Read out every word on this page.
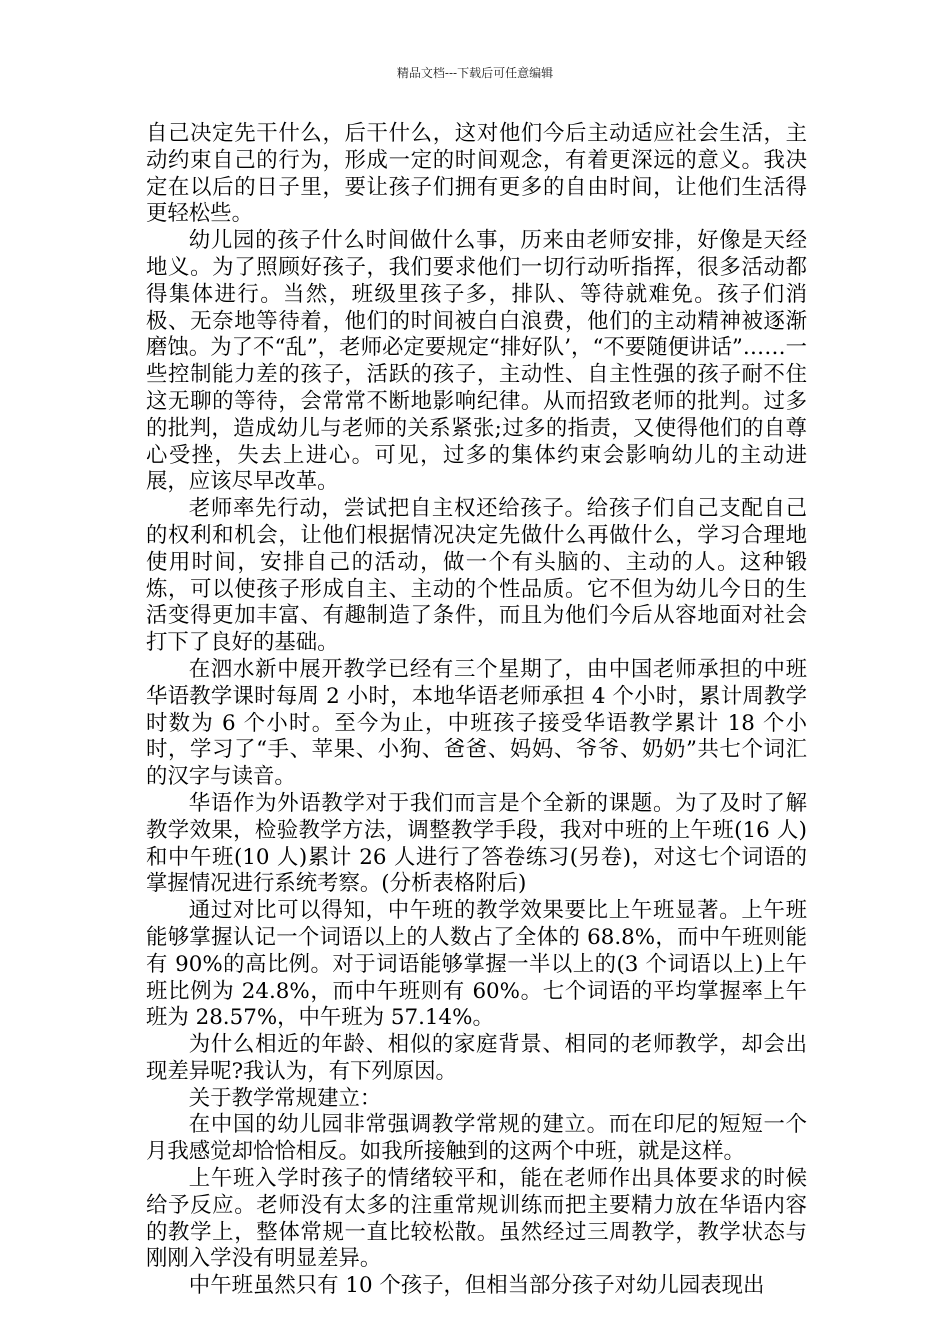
精品文档---下载后可任意编辑

自己决定先干什么，后干什么，这对他们今后主动适应社会生活，主动约束自己的行为，形成一定的时间观念，有着更深远的意义。我决定在以后的日子里，要让孩子们拥有更多的自由时间，让他们生活得更轻松些。

幼儿园的孩子什么时间做什么事，历来由老师安排，好像是天经地义。为了照顾好孩子，我们要求他们一切行动听指挥，很多活动都得集体进行。当然，班级里孩子多，排队、等待就难免。孩子们消极、无奈地等待着，他们的时间被白白浪费，他们的主动精神被逐渐磨蚀。为了不“乱”，老师必定要规定“排好队’，“不要随便讲话”……一些控制能力差的孩子，活跃的孩子，主动性、自主性强的孩子耐不住这无聊的等待，会常常不断地影响纪律。从而招致老师的批判。过多的批判，造成幼儿与老师的关系紧张;过多的指责，又使得他们的自尊心受挫，失去上进心。可见，过多的集体约束会影响幼儿的主动进展，应该尽早改革。

老师率先行动，尝试把自主权还给孩子。给孩子们自己支配自己的权利和机会，让他们根据情况决定先做什么再做什么，学习合理地使用时间，安排自己的活动，做一个有头脑的、主动的人。这种锻炼，可以使孩子形成自主、主动的个性品质。它不但为幼儿今日的生活变得更加丰富、有趣制造了条件，而且为他们今后从容地面对社会打下了良好的基础。

在泗水新中展开教学已经有三个星期了，由中国老师承担的中班华语教学课时每周 2 小时，本地华语老师承担 4 个小时，累计周教学时数为 6 个小时。至今为止，中班孩子接受华语教学累计 18 个小时，学习了“手、苹果、小狗、爸爸、妈妈、爷爷、奶奶”共七个词汇的汉字与读音。

华语作为外语教学对于我们而言是个全新的课题。为了及时了解教学效果，检验教学方法，调整教学手段，我对中班的上午班(16 人)和中午班(10 人)累计 26 人进行了答卷练习(另卷)，对这七个词语的掌握情况进行系统考察。(分析表格附后)

通过对比可以得知，中午班的教学效果要比上午班显著。上午班能够掌握认记一个词语以上的人数占了全体的 68.8%，而中午班则能有 90%的高比例。对于词语能够掌握一半以上的(3 个词语以上)上午班比例为 24.8%，而中午班则有 60%。七个词语的平均掌握率上午班为 28.57%，中午班为 57.14%。

为什么相近的年龄、相似的家庭背景、相同的老师教学，却会出现差异呢?我认为，有下列原因。

关于教学常规建立：

在中国的幼儿园非常强调教学常规的建立。而在印尼的短短一个月我感觉却恰恰相反。如我所接触到的这两个中班，就是这样。

上午班入学时孩子的情绪较平和，能在老师作出具体要求的时候给予反应。老师没有太多的注重常规训练而把主要精力放在华语内容的教学上，整体常规一直比较松散。虽然经过三周教学，教学状态与刚刚入学没有明显差异。

中午班虽然只有 10 个孩子，但相当部分孩子对幼儿园表现出
